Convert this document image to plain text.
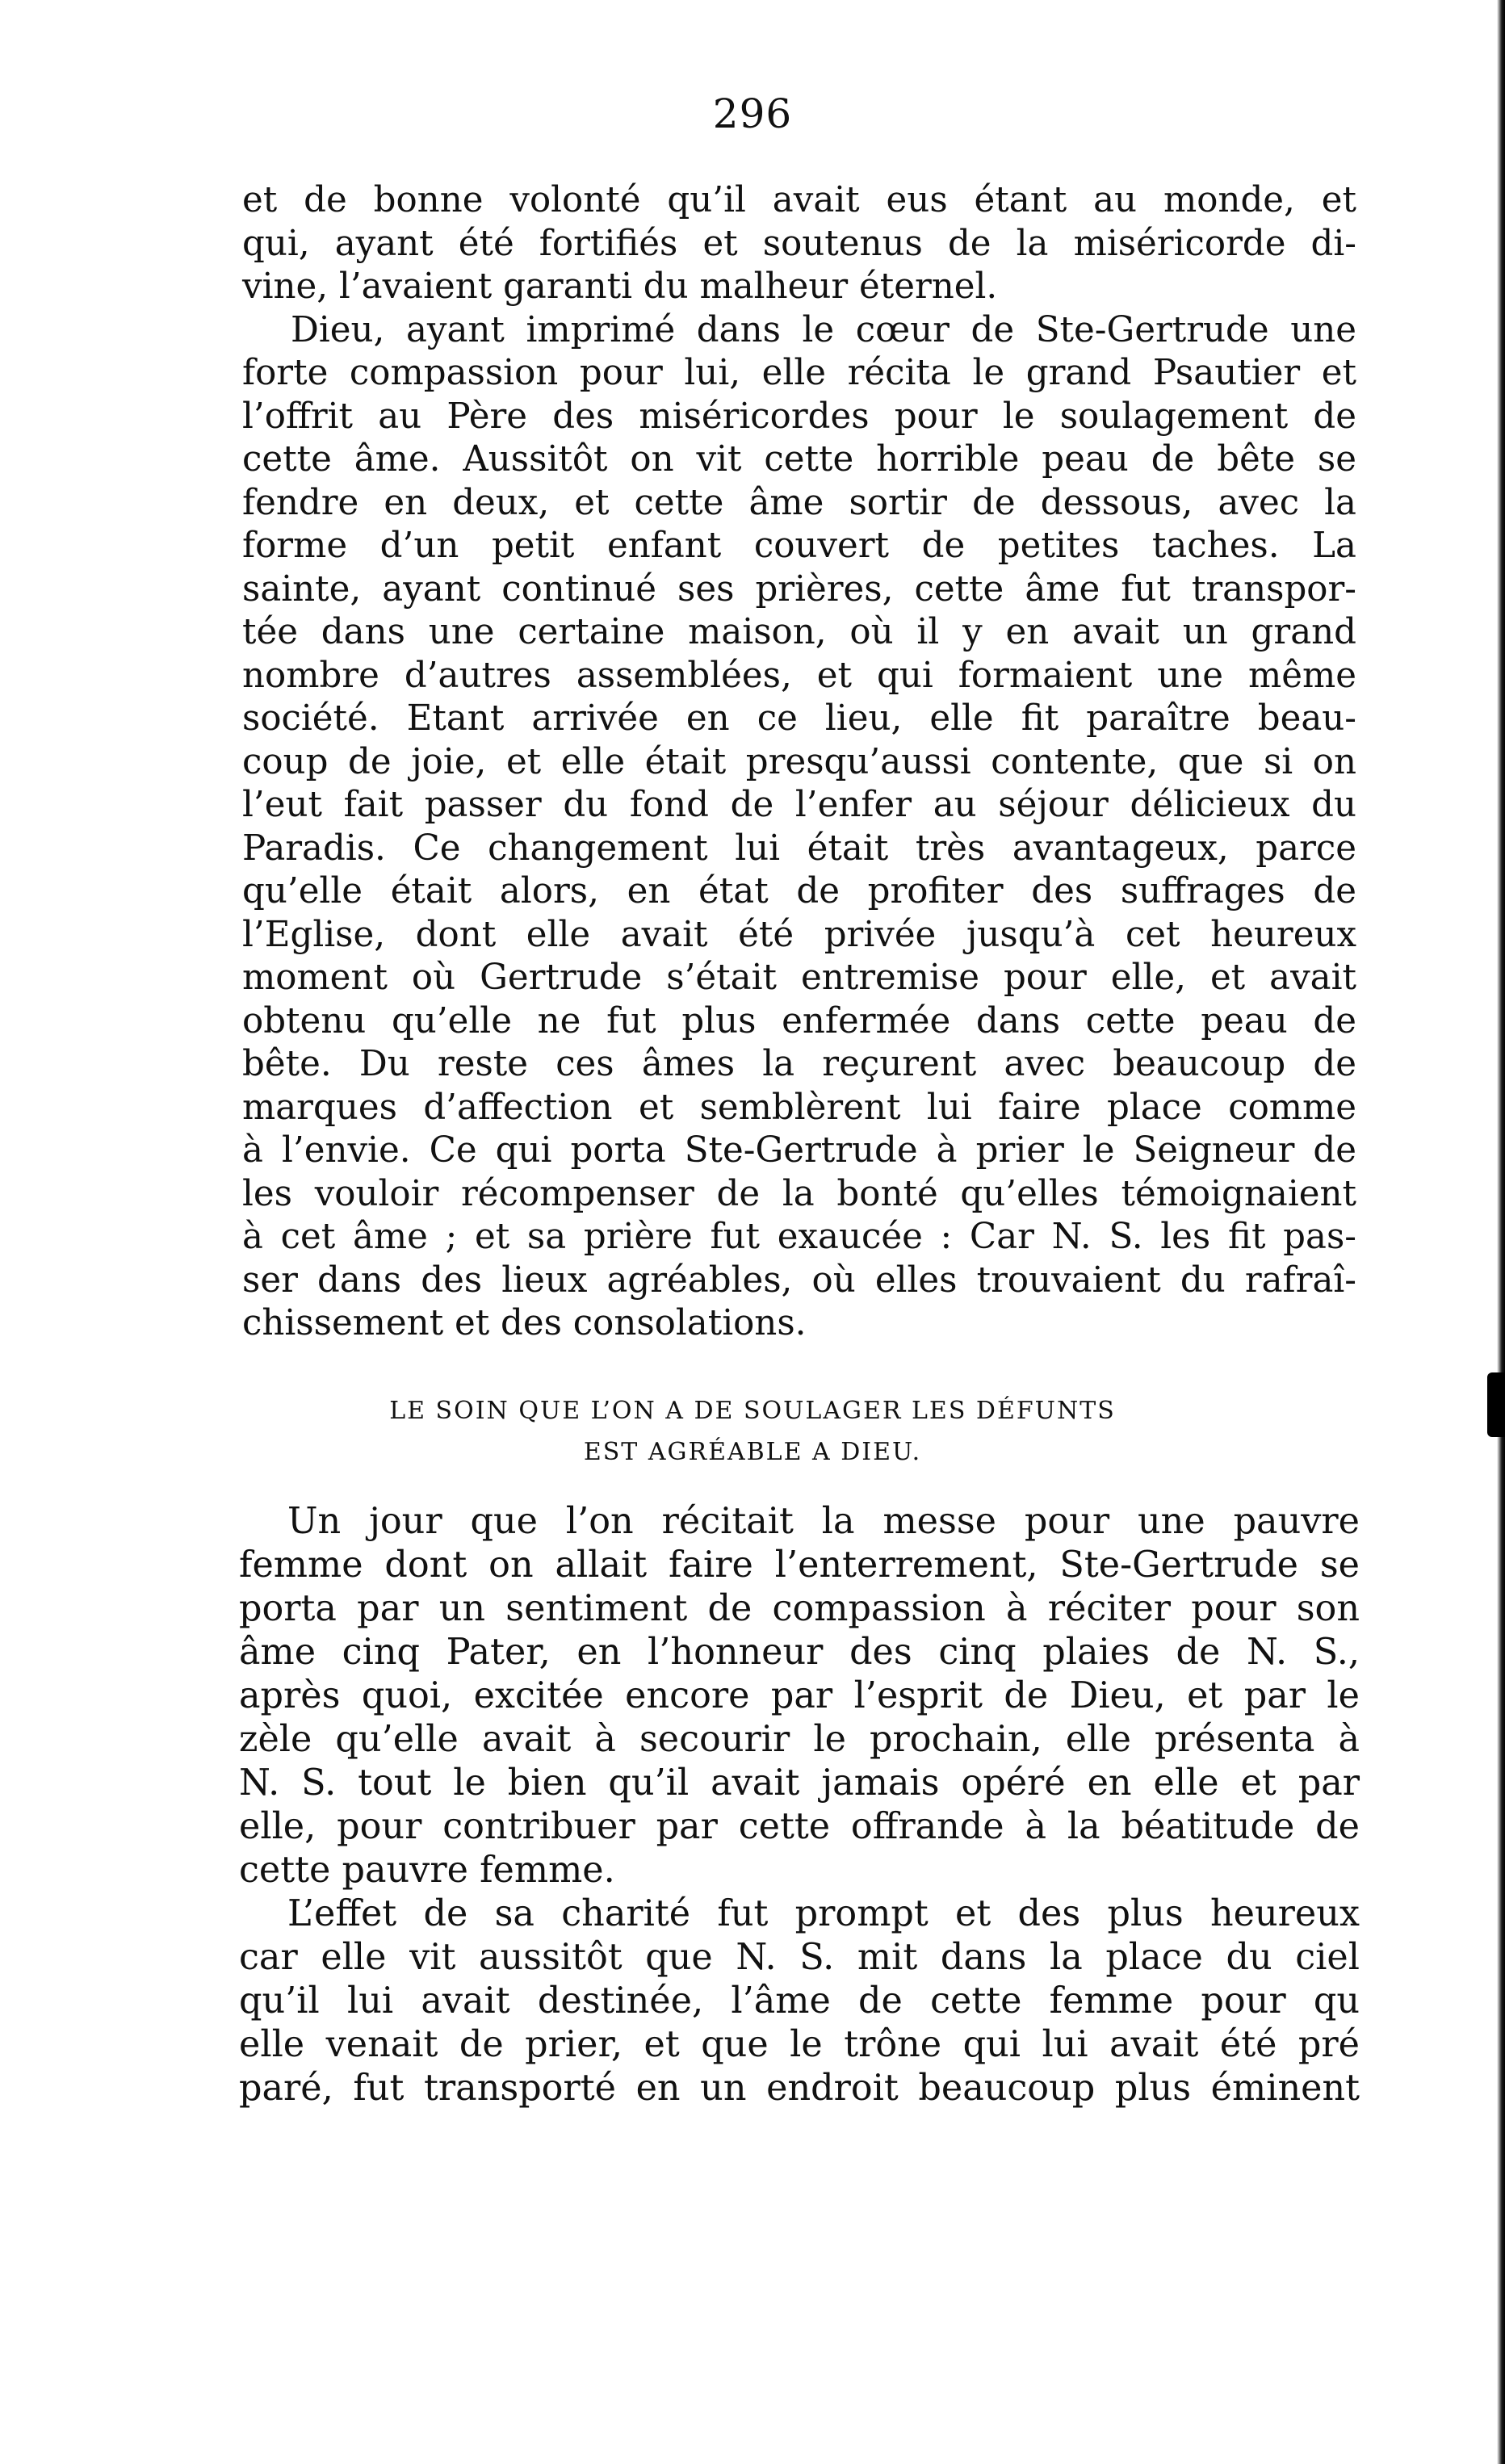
296

et de bonne volonté qu’il avait eus étant au monde, et
qui, ayant été fortifiés et soutenus de la miséricorde di-
vine, l’avaient garanti du malheur éternel.

Dieu, ayant imprimé dans le cœur de Ste-Gertrude une
forte compassion pour lui, elle récita le grand Psautier et
l’offrit au Père des miséricordes pour le soulagement de
cette âme. Aussitôt on vit cette horrible peau de bête se
fendre en deux, et cette âme sortir de dessous, avec la
forme d’un petit enfant couvert de petites taches. La
sainte, ayant continué ses prières, cette âme fut transpor-
tée dans une certaine maison, où il y en avait un grand
nombre d’autres assemblées, et qui formaient une même
société. Etant arrivée en ce lieu, elle fit paraître beau-
coup de joie, et elle était presqu’aussi contente, que si on
l’eut fait passer du fond de l’enfer au séjour délicieux du
Paradis. Ce changement lui était très avantageux, parce
qu’elle était alors, en état de profiter des suffrages de
l’Eglise, dont elle avait été privée jusqu’à cet heureux
moment où Gertrude s’était entremise pour elle, et avait
obtenu qu’elle ne fut plus enfermée dans cette peau de
bête. Du reste ces âmes la reçurent avec beaucoup de
marques d’affection et semblèrent lui faire place comme
à l’envie. Ce qui porta Ste-Gertrude à prier le Seigneur de
les vouloir récompenser de la bonté qu’elles témoignaient
à cet âme ; et sa prière fut exaucée : Car N. S. les fit pas-
ser dans des lieux agréables, où elles trouvaient du rafraî-
chissement et des consolations.

LE SOIN QUE L’ON A DE SOULAGER LES DÉFUNTS
EST AGRÉABLE A DIEU.

Un jour que l’on récitait la messe pour une pauvre
femme dont on allait faire l’enterrement, Ste-Gertrude se
porta par un sentiment de compassion à réciter pour son
âme cinq Pater, en l’honneur des cinq plaies de N. S.,
après quoi, excitée encore par l’esprit de Dieu, et par le
zèle qu’elle avait à secourir le prochain, elle présenta à
N. S. tout le bien qu’il avait jamais opéré en elle et par
elle, pour contribuer par cette offrande à la béatitude de
cette pauvre femme.

L’effet de sa charité fut prompt et des plus heureux
car elle vit aussitôt que N. S. mit dans la place du ciel
qu’il lui avait destinée, l’âme de cette femme pour qu
elle venait de prier, et que le trône qui lui avait été pré
paré, fut transporté en un endroit beaucoup plus éminent
